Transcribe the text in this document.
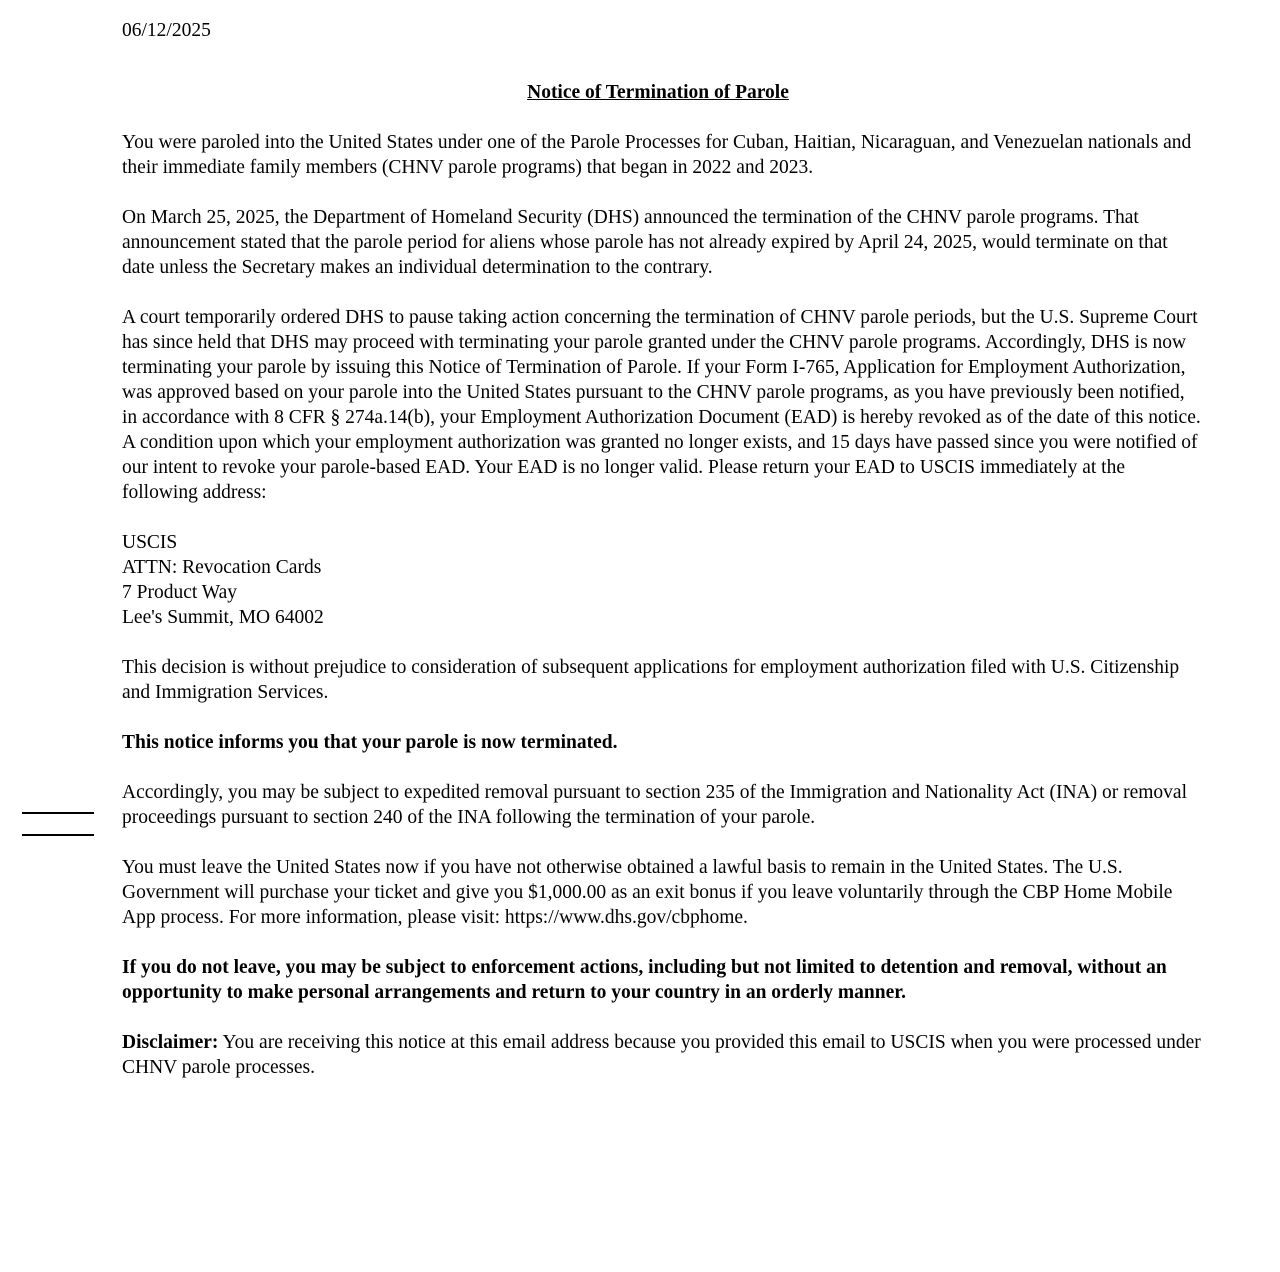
06/12/2025

Notice of Termination of Parole

You were paroled into the United States under one of the Parole Processes for Cuban, Haitian, Nicaraguan, and Venezuelan nationals and their immediate family members (CHNV parole programs) that began in 2022 and 2023.

On March 25, 2025, the Department of Homeland Security (DHS) announced the termination of the CHNV parole programs. That announcement stated that the parole period for aliens whose parole has not already expired by April 24, 2025, would terminate on that date unless the Secretary makes an individual determination to the contrary.

A court temporarily ordered DHS to pause taking action concerning the termination of CHNV parole periods, but the U.S. Supreme Court has since held that DHS may proceed with terminating your parole granted under the CHNV parole programs. Accordingly, DHS is now terminating your parole by issuing this Notice of Termination of Parole. If your Form I-765, Application for Employment Authorization, was approved based on your parole into the United States pursuant to the CHNV parole programs, as you have previously been notified, in accordance with 8 CFR § 274a.14(b), your Employment Authorization Document (EAD) is hereby revoked as of the date of this notice. A condition upon which your employment authorization was granted no longer exists, and 15 days have passed since you were notified of our intent to revoke your parole-based EAD. Your EAD is no longer valid. Please return your EAD to USCIS immediately at the following address:

USCIS
ATTN: Revocation Cards
7 Product Way
Lee's Summit, MO 64002

This decision is without prejudice to consideration of subsequent applications for employment authorization filed with U.S. Citizenship and Immigration Services.

This notice informs you that your parole is now terminated.

Accordingly, you may be subject to expedited removal pursuant to section 235 of the Immigration and Nationality Act (INA) or removal proceedings pursuant to section 240 of the INA following the termination of your parole.

You must leave the United States now if you have not otherwise obtained a lawful basis to remain in the United States. The U.S. Government will purchase your ticket and give you $1,000.00 as an exit bonus if you leave voluntarily through the CBP Home Mobile App process. For more information, please visit: https://www.dhs.gov/cbphome.

If you do not leave, you may be subject to enforcement actions, including but not limited to detention and removal, without an opportunity to make personal arrangements and return to your country in an orderly manner.

Disclaimer: You are receiving this notice at this email address because you provided this email to USCIS when you were processed under CHNV parole processes.
